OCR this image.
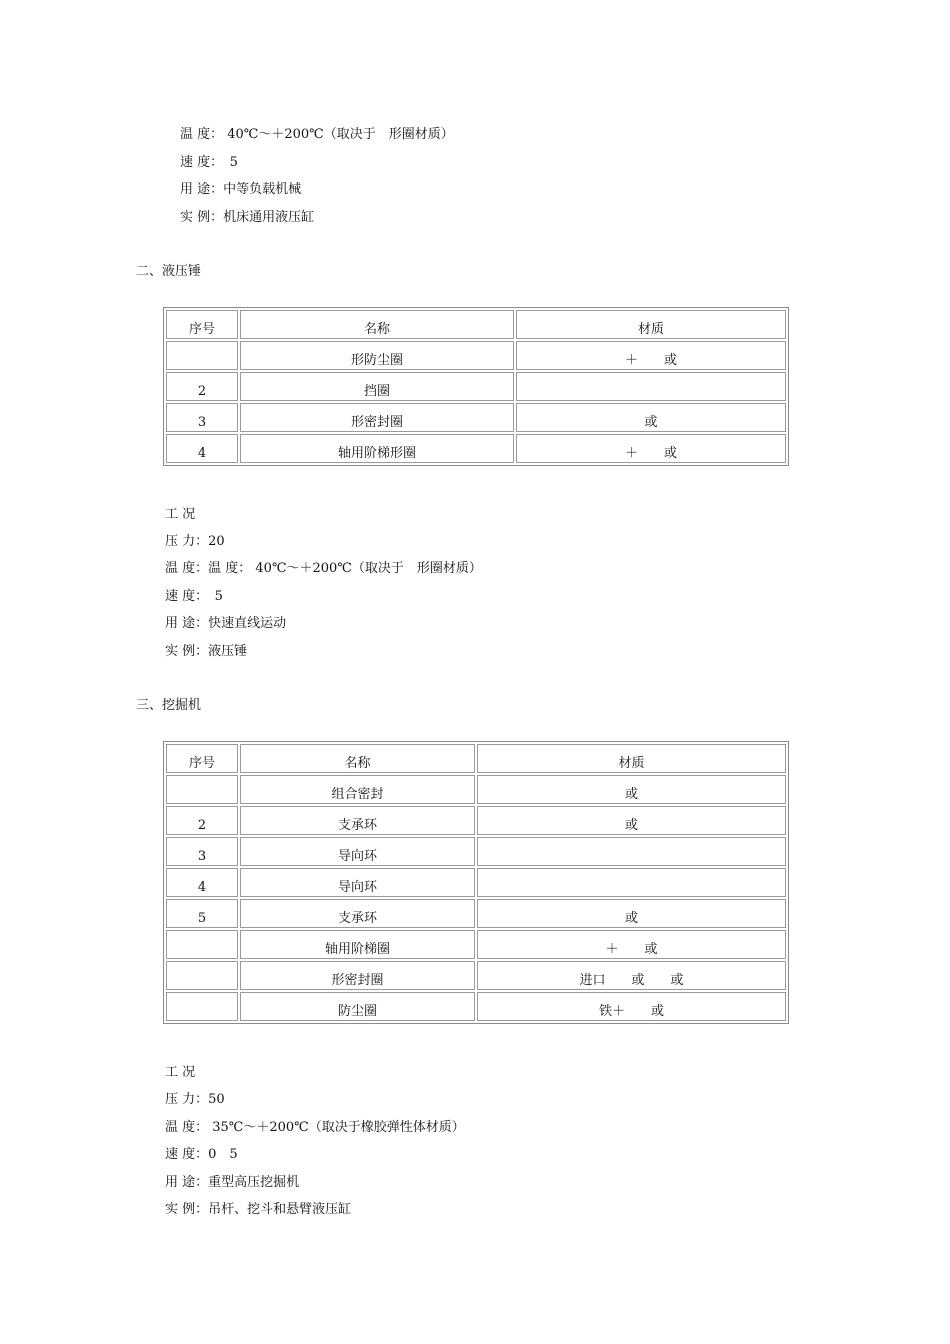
温 度： 40℃～＋200℃（取决于　形圈材质）
速 度：　5
用 途：中等负载机械
实 例：机床通用液压缸
二、液压锤
序号	名称	材质
	形防尘圈	＋　　或
2	挡圈	
3	形密封圈	或
4	轴用阶梯形圈	＋　　或
工 况
压 力：20
温 度：温 度： 40℃～＋200℃（取决于　形圈材质）
速 度：　5
用 途：快速直线运动
实 例：液压锤
三、挖掘机
序号	名称	材质
	组合密封	或
2	支承环	或
3	导向环	
4	导向环	
5	支承环	或
	轴用阶梯圈	＋　　或
	形密封圈	进口　　或　　或
	防尘圈	铁＋　　或
工 况
压 力：50
温 度： 35℃～＋200℃（取决于橡胶弹性体材质）
速 度：0　5
用 途：重型高压挖掘机
实 例：吊杆、挖斗和悬臂液压缸
